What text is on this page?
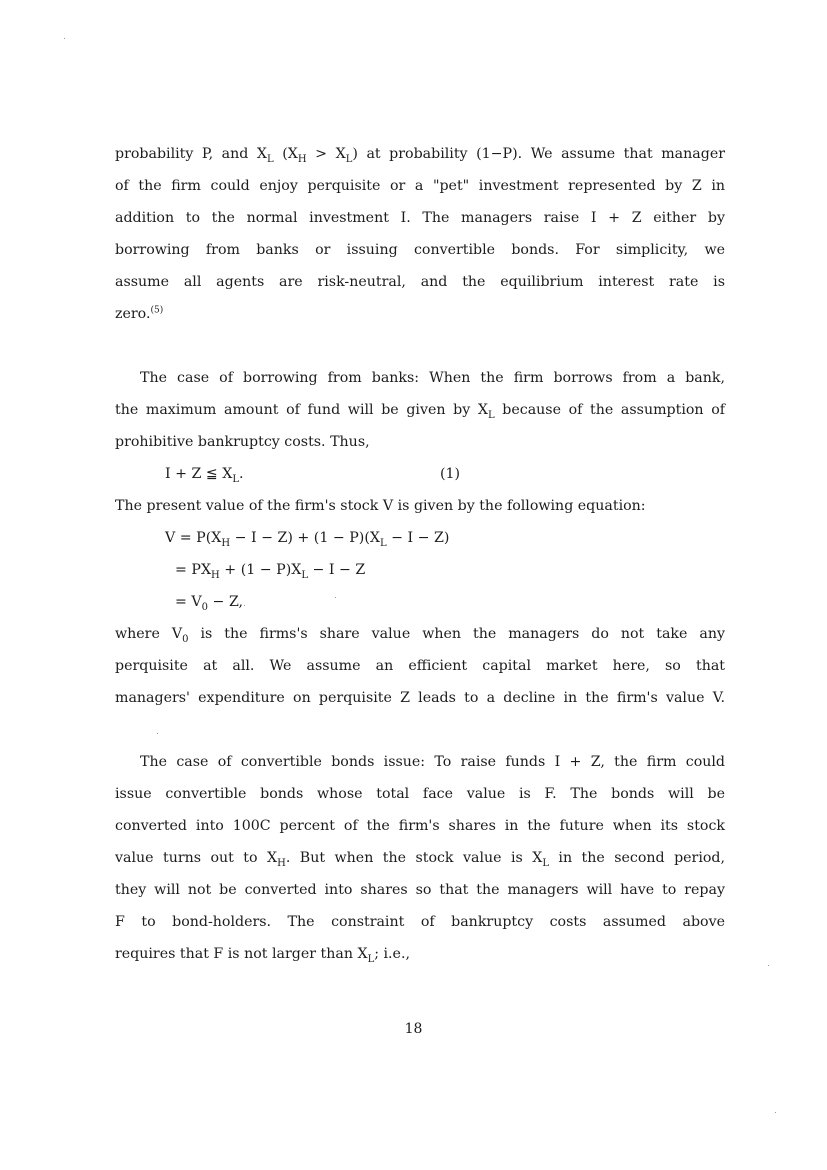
probability P, and $X_L$ $(X_H > X_L)$ at probability (1−P). We assume that manager
of the firm could enjoy perquisite or a "pet" investment represented by Z in
addition to the normal investment I. The managers raise I + Z either by
borrowing from banks or issuing convertible bonds. For simplicity, we
assume all agents are risk-neutral, and the equilibrium interest rate is
zero.$^{(5)}$
The case of borrowing from banks: When the firm borrows from a bank,
the maximum amount of fund will be given by $X_L$ because of the assumption of
prohibitive bankruptcy costs. Thus,
I + Z ≦ $X_L$.	(1)
The present value of the firm's stock V is given by the following equation:
$V = P(X_H - I - Z) + (1 - P)(X_L - I - Z)$
= $PX_H + (1 - P)X_L - I - Z$
= $V_0 - Z$,
where $V_0$ is the firms's share value when the managers do not take any
perquisite at all. We assume an efficient capital market here, so that
managers' expenditure on perquisite Z leads to a decline in the firm's value V.
The case of convertible bonds issue: To raise funds I + Z, the firm could
issue convertible bonds whose total face value is F. The bonds will be
converted into 100C percent of the firm's shares in the future when its stock
value turns out to $X_H$. But when the stock value is $X_L$ in the second period,
they will not be converted into shares so that the managers will have to repay
F to bond-holders. The constraint of bankruptcy costs assumed above
requires that F is not larger than $X_L$; i.e.,
18
